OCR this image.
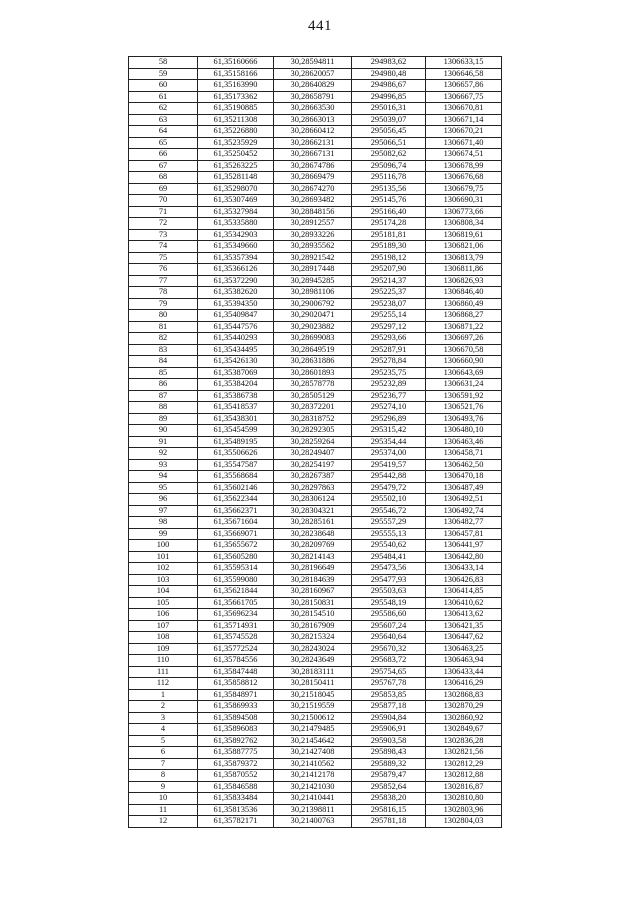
441
58	61,35160666	30,28594811	294983,62	1306633,15
59	61,35158166	30,28620057	294980,48	1306646,58
60	61,35163990	30,28640829	294986,67	1306657,86
61	61,35173362	30,28658791	294996,85	1306667,75
62	61,35190885	30,28663530	295016,31	1306670,81
63	61,35211308	30,28663013	295039,07	1306671,14
64	61,35226880	30,28660412	295056,45	1306670,21
65	61,35235929	30,28662131	295066,51	1306671,40
66	61,35250452	30,28667131	295082,62	1306674,51
67	61,35263225	30,28674786	295096,74	1306678,99
68	61,35281148	30,28669479	295116,78	1306676,68
69	61,35298070	30,28674270	295135,56	1306679,75
70	61,35307469	30,28693482	295145,76	1306690,31
71	61,35327984	30,28848156	295166,40	1306773,66
72	61,35335880	30,28912557	295174,28	1306808,34
73	61,35342903	30,28933226	295181,81	1306819,61
74	61,35349660	30,28935562	295189,30	1306821,06
75	61,35357394	30,28921542	295198,12	1306813,79
76	61,35366126	30,28917448	295207,90	1306811,86
77	61,35372290	30,28945285	295214,37	1306826,93
78	61,35382620	30,28981106	295225,37	1306846,40
79	61,35394350	30,29006792	295238,07	1306860,49
80	61,35409847	30,29020471	295255,14	1306868,27
81	61,35447576	30,29023882	295297,12	1306871,22
82	61,35440293	30,28699083	295293,66	1306697,26
83	61,35434495	30,28649519	295287,91	1306670,58
84	61,35426130	30,28631886	295278,84	1306660,90
85	61,35387069	30,28601893	295235,75	1306643,69
86	61,35384204	30,28578778	295232,89	1306631,24
87	61,35386738	30,28505129	295236,77	1306591,92
88	61,35418537	30,28372201	295274,10	1306521,76
89	61,35438301	30,28318752	295296,89	1306493,76
90	61,35454599	30,28292305	295315,42	1306480,10
91	61,35489195	30,28259264	295354,44	1306463,46
92	61,35506626	30,28249407	295374,00	1306458,71
93	61,35547587	30,28254197	295419,57	1306462,50
94	61,35568684	30,28267387	295442,88	1306470,18
95	61,35602146	30,28297863	295479,72	1306487,49
96	61,35622344	30,28306124	295502,10	1306492,51
97	61,35662371	30,28304321	295546,72	1306492,74
98	61,35671604	30,28285161	295557,29	1306482,77
99	61,35669071	30,28238648	295555,13	1306457,81
100	61,35655672	30,28209769	295540,62	1306441,97
101	61,35605280	30,28214143	295484,41	1306442,80
102	61,35595314	30,28196649	295473,56	1306433,14
103	61,35599080	30,28184639	295477,93	1306426,83
104	61,35621844	30,28160967	295503,63	1306414,85
105	61,35661705	30,28150831	295548,19	1306410,62
106	61,35696234	30,28154510	295586,60	1306413,62
107	61,35714931	30,28167909	295607,24	1306421,35
108	61,35745528	30,28215324	295640,64	1306447,62
109	61,35772524	30,28243024	295670,32	1306463,25
110	61,35784556	30,28243649	295683,72	1306463,94
111	61,35847448	30,28183111	295754,65	1306433,44
112	61,35858812	30,28150411	295767,78	1306416,29
1	61,35848971	30,21518045	295853,85	1302868,83
2	61,35869933	30,21519559	295877,18	1302870,29
3	61,35894508	30,21500612	295904,84	1302860,92
4	61,35896083	30,21479485	295906,91	1302849,67
5	61,35892762	30,21454642	295903,58	1302836,28
6	61,35887775	30,21427408	295898,43	1302821,56
7	61,35879372	30,21410562	295889,32	1302812,29
8	61,35870552	30,21412178	295879,47	1302812,88
9	61,35846588	30,21421030	295852,64	1302816,87
10	61,35833484	30,21410441	295838,20	1302810,80
11	61,35813536	30,21398811	295816,15	1302803,96
12	61,35782171	30,21400763	295781,18	1302804,03
